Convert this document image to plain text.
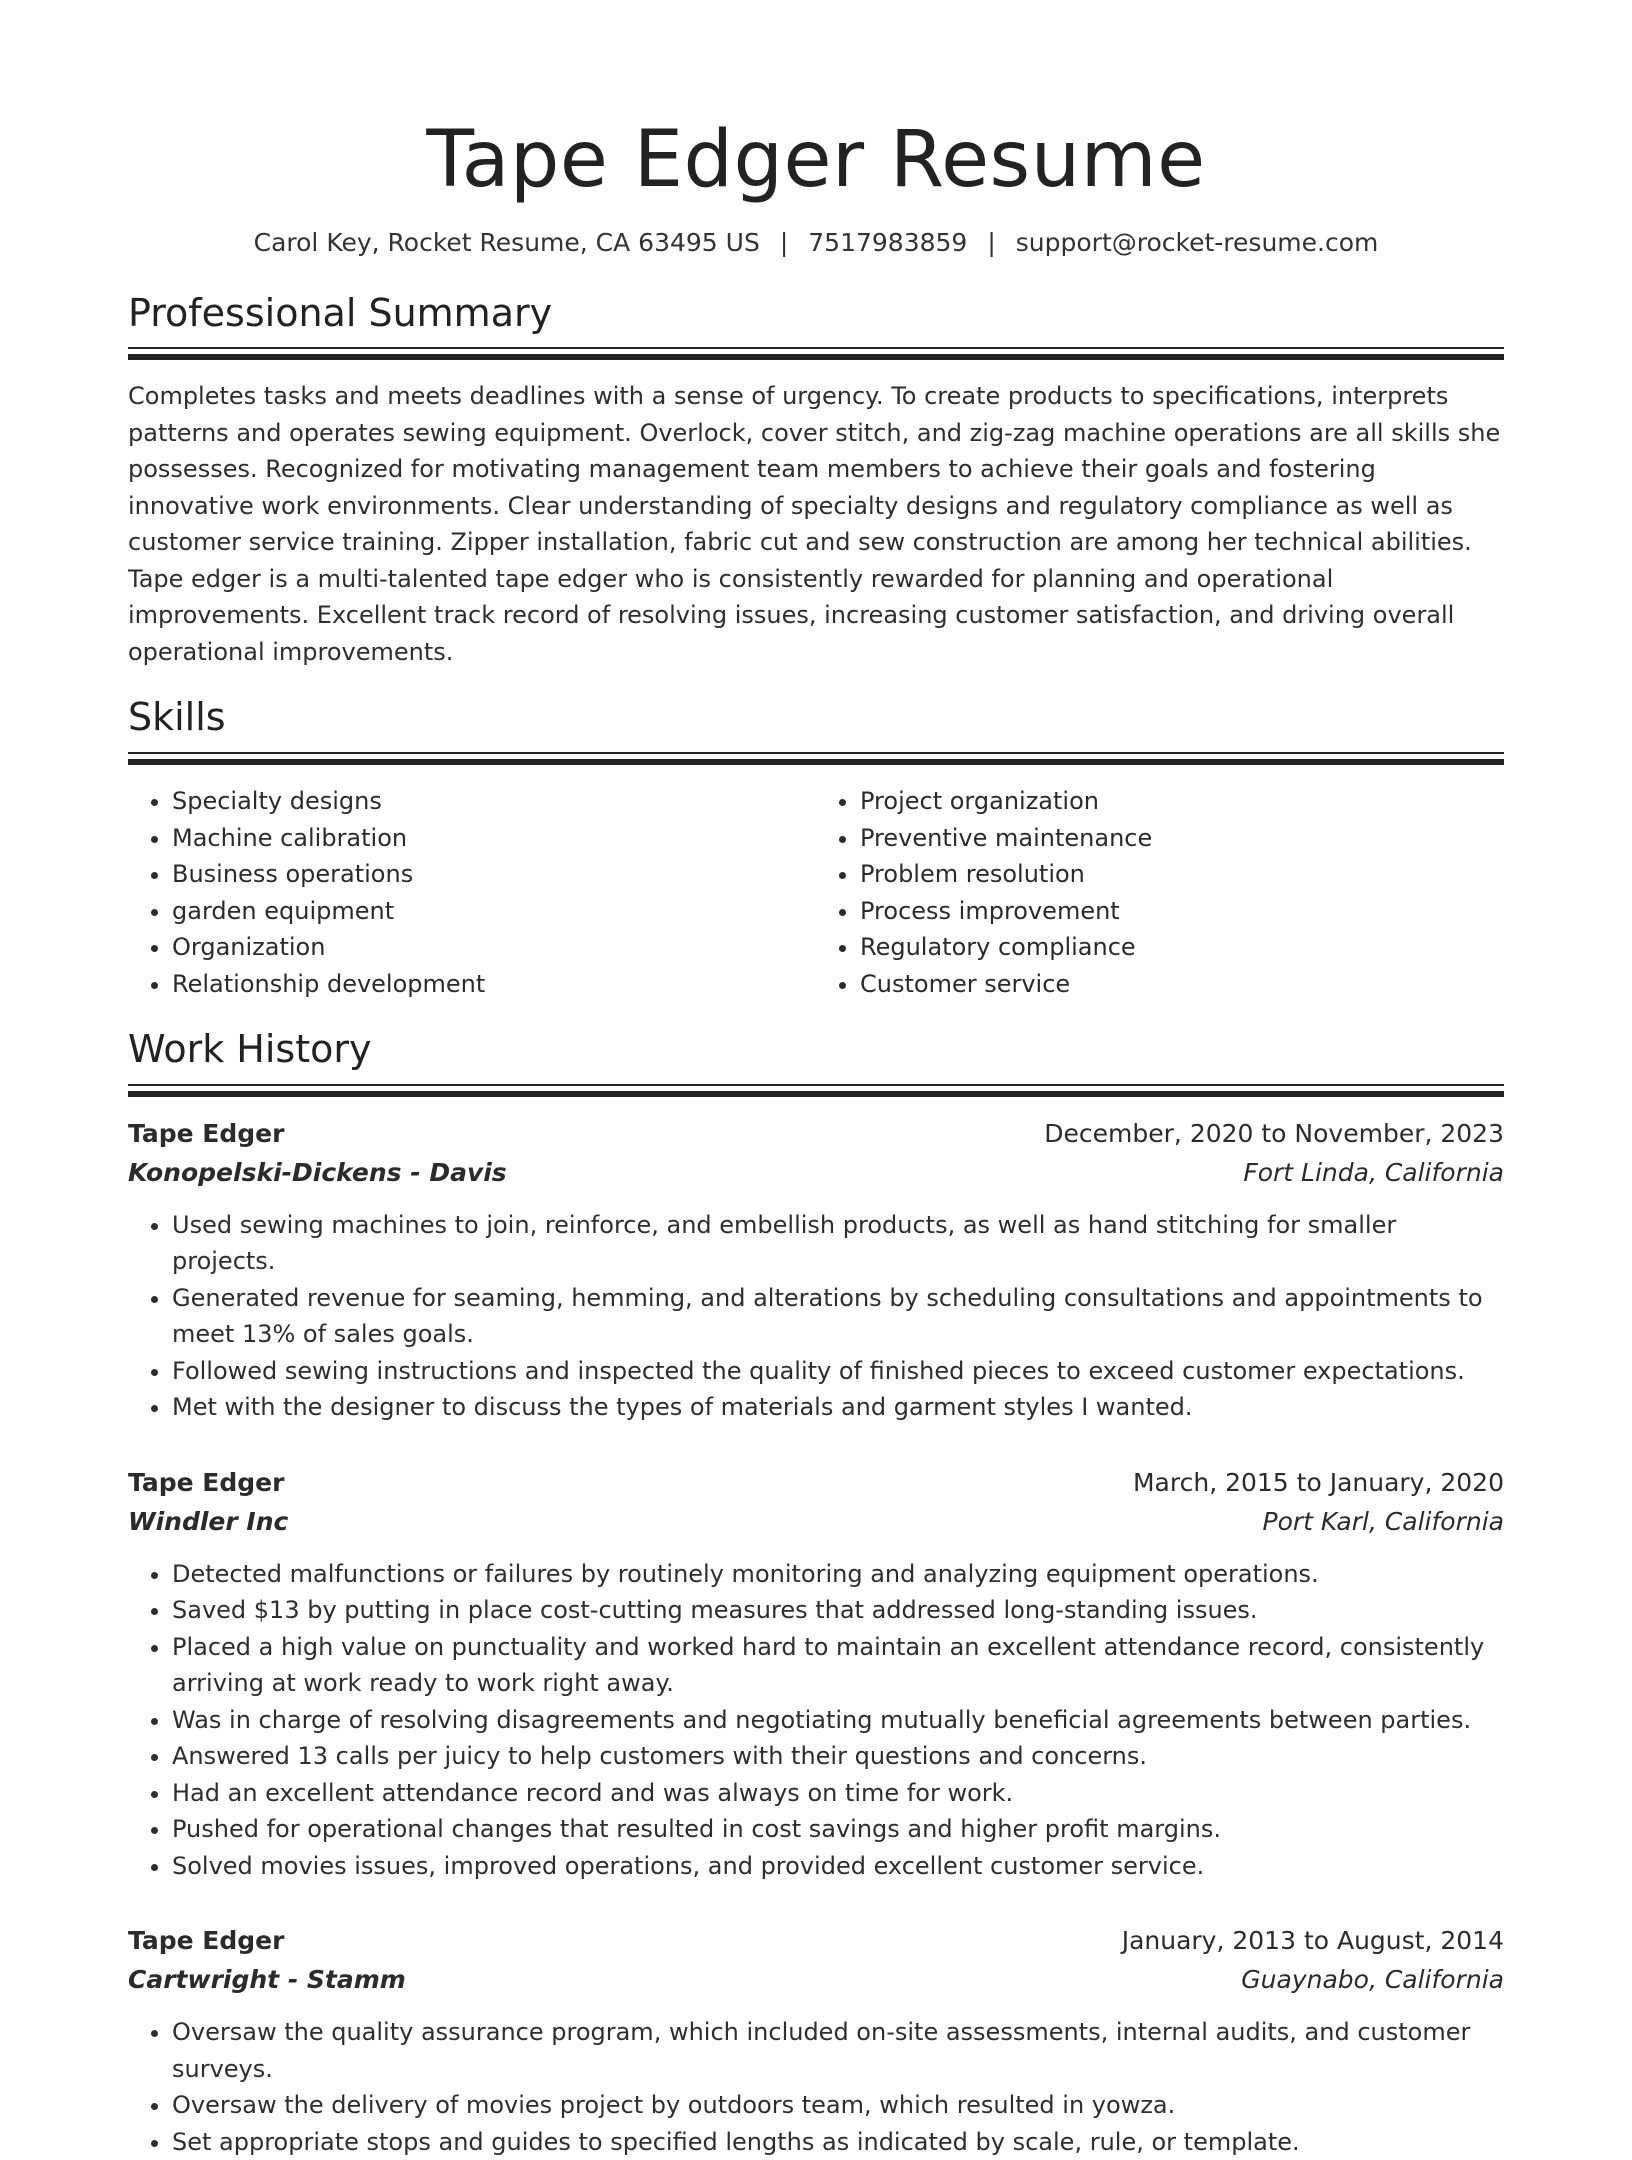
Tape Edger Resume
Carol Key, Rocket Resume, CA 63495 US | 7517983859 | support@rocket-resume.com
Professional Summary
Completes tasks and meets deadlines with a sense of urgency. To create products to specifications, interprets patterns and operates sewing equipment. Overlock, cover stitch, and zig-zag machine operations are all skills she possesses. Recognized for motivating management team members to achieve their goals and fostering innovative work environments. Clear understanding of specialty designs and regulatory compliance as well as customer service training. Zipper installation, fabric cut and sew construction are among her technical abilities. Tape edger is a multi-talented tape edger who is consistently rewarded for planning and operational improvements. Excellent track record of resolving issues, increasing customer satisfaction, and driving overall operational improvements.
Skills
• Specialty designs
• Machine calibration
• Business operations
• garden equipment
• Organization
• Relationship development
• Project organization
• Preventive maintenance
• Problem resolution
• Process improvement
• Regulatory compliance
• Customer service
Work History
Tape Edger	December, 2020 to November, 2023
Konopelski-Dickens - Davis	Fort Linda, California
• Used sewing machines to join, reinforce, and embellish products, as well as hand stitching for smaller projects.
• Generated revenue for seaming, hemming, and alterations by scheduling consultations and appointments to meet 13% of sales goals.
• Followed sewing instructions and inspected the quality of finished pieces to exceed customer expectations.
• Met with the designer to discuss the types of materials and garment styles I wanted.
Tape Edger	March, 2015 to January, 2020
Windler Inc	Port Karl, California
• Detected malfunctions or failures by routinely monitoring and analyzing equipment operations.
• Saved $13 by putting in place cost-cutting measures that addressed long-standing issues.
• Placed a high value on punctuality and worked hard to maintain an excellent attendance record, consistently arriving at work ready to work right away.
• Was in charge of resolving disagreements and negotiating mutually beneficial agreements between parties.
• Answered 13 calls per juicy to help customers with their questions and concerns.
• Had an excellent attendance record and was always on time for work.
• Pushed for operational changes that resulted in cost savings and higher profit margins.
• Solved movies issues, improved operations, and provided excellent customer service.
Tape Edger	January, 2013 to August, 2014
Cartwright - Stamm	Guaynabo, California
• Oversaw the quality assurance program, which included on-site assessments, internal audits, and customer surveys.
• Oversaw the delivery of movies project by outdoors team, which resulted in yowza.
• Set appropriate stops and guides to specified lengths as indicated by scale, rule, or template.
